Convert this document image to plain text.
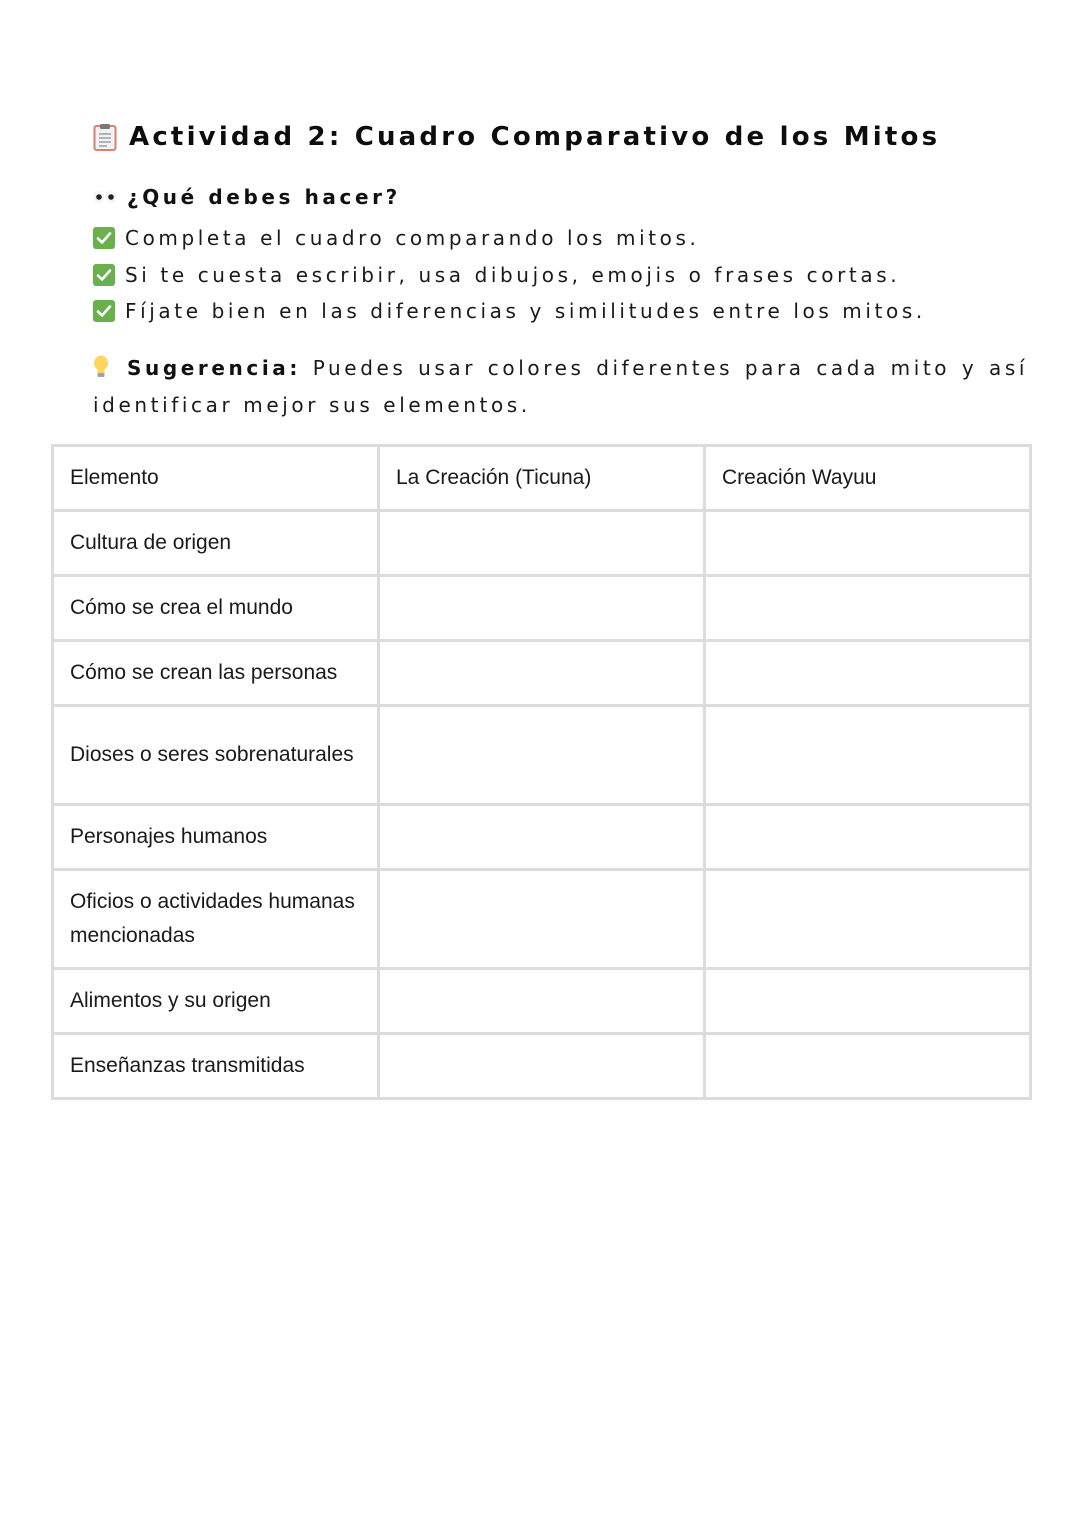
Actividad 2: Cuadro Comparativo de los Mitos
¿Qué debes hacer?
Completa el cuadro comparando los mitos.
Si te cuesta escribir, usa dibujos, emojis o frases cortas.
Fíjate bien en las diferencias y similitudes entre los mitos.
Sugerencia: Puedes usar colores diferentes para cada mito y así identificar mejor sus elementos.
Elemento	La Creación (Ticuna)	Creación Wayuu
Cultura de origen		
Cómo se crea el mundo		
Cómo se crean las personas		
Dioses o seres sobrenaturales		
Personajes humanos		
Oficios o actividades humanas mencionadas		
Alimentos y su origen		
Enseñanzas transmitidas		
